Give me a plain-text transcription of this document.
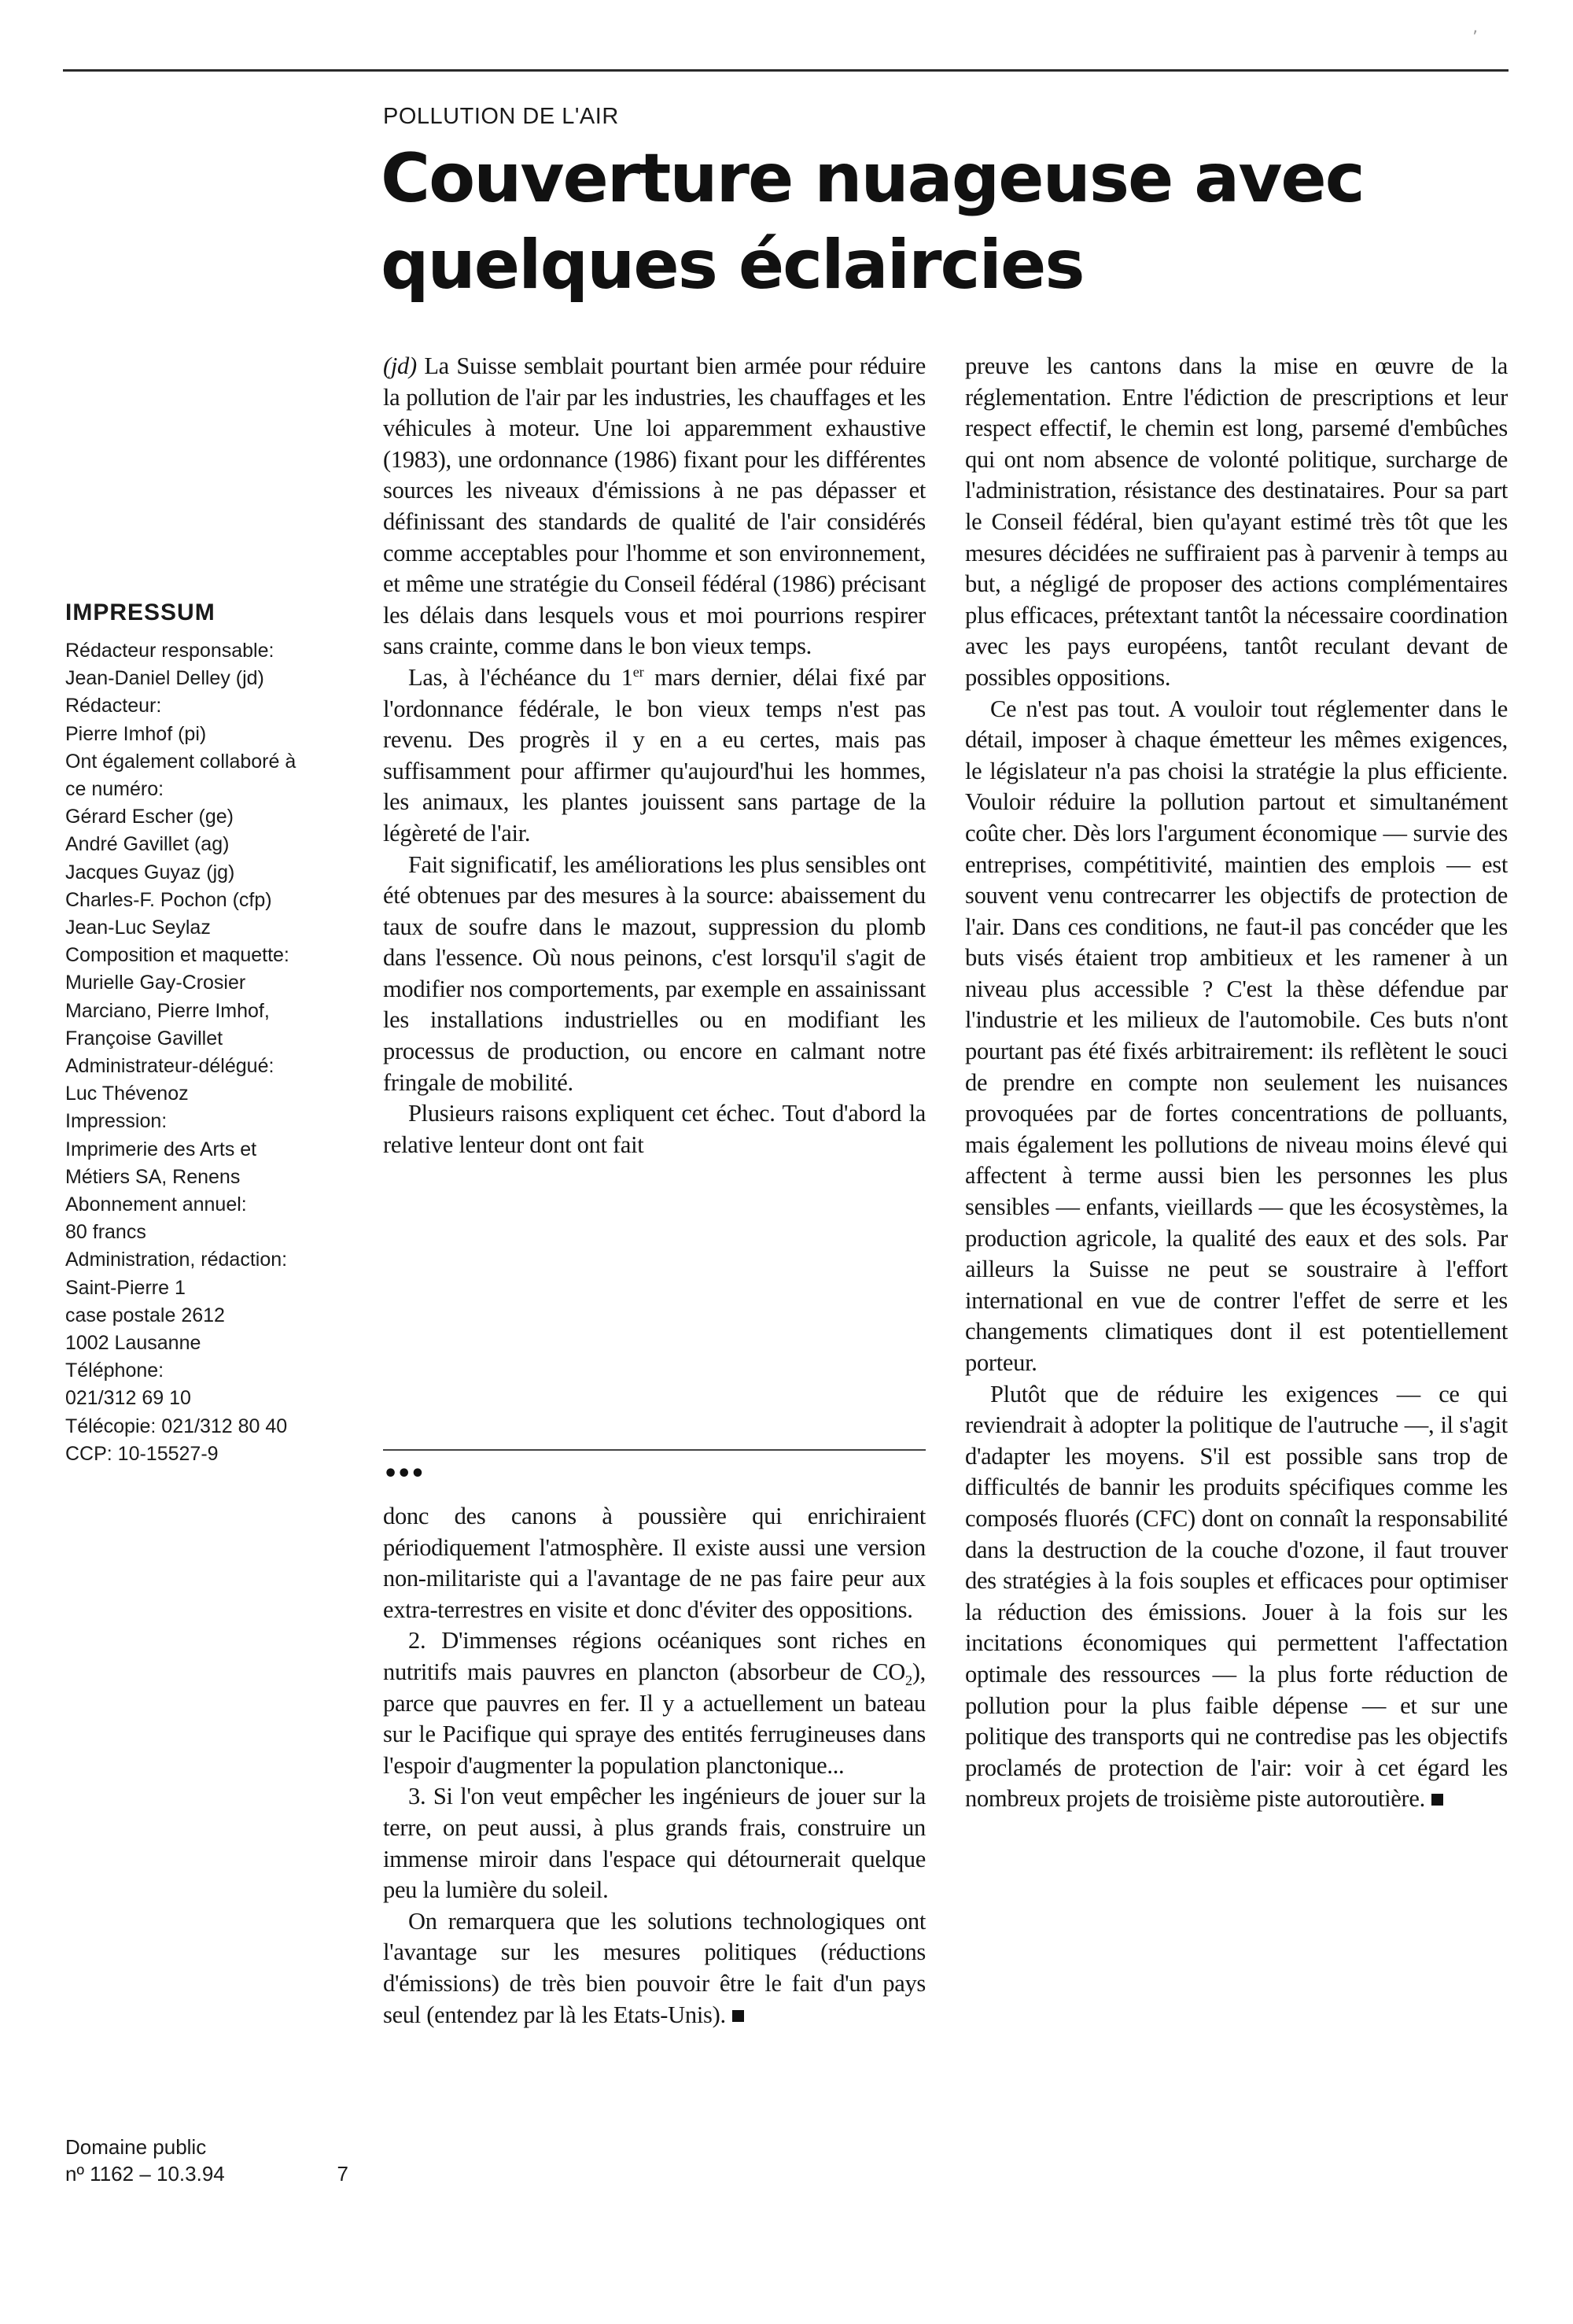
’
POLLUTION DE L'AIR
Couverture nuageuse avec
quelques éclaircies
IMPRESSUM
Rédacteur responsable:
Jean-Daniel Delley (jd)
Rédacteur:
Pierre Imhof (pi)
Ont également collaboré à
ce numéro:
Gérard Escher (ge)
André Gavillet (ag)
Jacques Guyaz (jg)
Charles-F. Pochon (cfp)
Jean-Luc Seylaz
Composition et maquette:
Murielle Gay-Crosier
Marciano, Pierre Imhof,
Françoise Gavillet
Administrateur-délégué:
Luc Thévenoz
Impression:
Imprimerie des Arts et
Métiers SA, Renens
Abonnement annuel:
80 francs
Administration, rédaction:
Saint-Pierre 1
case postale 2612
1002 Lausanne
Téléphone:
021/312 69 10
Télécopie: 021/312 80 40
CCP: 10-15527-9
Domaine public
nº 1162 – 10.3.94	7

(jd) La Suisse semblait pourtant bien armée pour réduire la pollution de l'air par les industries, les chauffages et les véhicules à moteur. Une loi apparemment exhaustive (1983), une ordonnance (1986) fixant pour les différentes sources les niveaux d'émissions à ne pas dépasser et définissant des standards de qualité de l'air considérés comme acceptables pour l'homme et son environnement, et même une stratégie du Conseil fédéral (1986) précisant les délais dans lesquels vous et moi pourrions respirer sans crainte, comme dans le bon vieux temps.

Las, à l'échéance du 1er mars dernier, délai fixé par l'ordonnance fédérale, le bon vieux temps n'est pas revenu. Des progrès il y en a eu certes, mais pas suffisamment pour affirmer qu'aujourd'hui les hommes, les animaux, les plantes jouissent sans partage de la légèreté de l'air.

Fait significatif, les améliorations les plus sensibles ont été obtenues par des mesures à la source: abaissement du taux de soufre dans le mazout, suppression du plomb dans l'essence. Où nous peinons, c'est lorsqu'il s'agit de modifier nos comportements, par exemple en assainissant les installations industrielles ou en modifiant les processus de production, ou encore en calmant notre fringale de mobilité.

Plusieurs raisons expliquent cet échec. Tout d'abord la relative lenteur dont ont fait

•••

donc des canons à poussière qui enrichiraient périodiquement l'atmosphère. Il existe aussi une version non-militariste qui a l'avantage de ne pas faire peur aux extra-terrestres en visite et donc d'éviter des oppositions.

2. D'immenses régions océaniques sont riches en nutritifs mais pauvres en plancton (absorbeur de $CO_2$), parce que pauvres en fer. Il y a actuellement un bateau sur le Pacifique qui spraye des entités ferrugineuses dans l'espoir d'augmenter la population planctonique...

3. Si l'on veut empêcher les ingénieurs de jouer sur la terre, on peut aussi, à plus grands frais, construire un immense miroir dans l'espace qui détournerait quelque peu la lumière du soleil.

On remarquera que les solutions technologiques ont l'avantage sur les mesures politiques (réductions d'émissions) de très bien pouvoir être le fait d'un pays seul (entendez par là les Etats-Unis).

preuve les cantons dans la mise en œuvre de la réglementation. Entre l'édiction de prescriptions et leur respect effectif, le chemin est long, parsemé d'embûches qui ont nom absence de volonté politique, surcharge de l'administration, résistance des destinataires. Pour sa part le Conseil fédéral, bien qu'ayant estimé très tôt que les mesures décidées ne suffiraient pas à parvenir à temps au but, a négligé de proposer des actions complémentaires plus efficaces, prétextant tantôt la nécessaire coordination avec les pays européens, tantôt reculant devant de possibles oppositions.

Ce n'est pas tout. A vouloir tout réglementer dans le détail, imposer à chaque émetteur les mêmes exigences, le législateur n'a pas choisi la stratégie la plus efficiente. Vouloir réduire la pollution partout et simultanément coûte cher. Dès lors l'argument économique — survie des entreprises, compétitivité, maintien des emplois — est souvent venu contrecarrer les objectifs de protection de l'air. Dans ces conditions, ne faut-il pas concéder que les buts visés étaient trop ambitieux et les ramener à un niveau plus accessible ? C'est la thèse défendue par l'industrie et les milieux de l'automobile. Ces buts n'ont pourtant pas été fixés arbitrairement: ils reflètent le souci de prendre en compte non seulement les nuisances provoquées par de fortes concentrations de polluants, mais également les pollutions de niveau moins élevé qui affectent à terme aussi bien les personnes les plus sensibles — enfants, vieillards — que les écosystèmes, la production agricole, la qualité des eaux et des sols. Par ailleurs la Suisse ne peut se soustraire à l'effort international en vue de contrer l'effet de serre et les changements climatiques dont il est potentiellement porteur.

Plutôt que de réduire les exigences — ce qui reviendrait à adopter la politique de l'autruche —, il s'agit d'adapter les moyens. S'il est possible sans trop de difficultés de bannir les produits spécifiques comme les composés fluorés (CFC) dont on connaît la responsabilité dans la destruction de la couche d'ozone, il faut trouver des stratégies à la fois souples et efficaces pour optimiser la réduction des émissions. Jouer à la fois sur les incitations économiques qui permettent l'affectation optimale des ressources — la plus forte réduction de pollution pour la plus faible dépense — et sur une politique des transports qui ne contredise pas les objectifs proclamés de protection de l'air: voir à cet égard les nombreux projets de troisième piste autoroutière.
